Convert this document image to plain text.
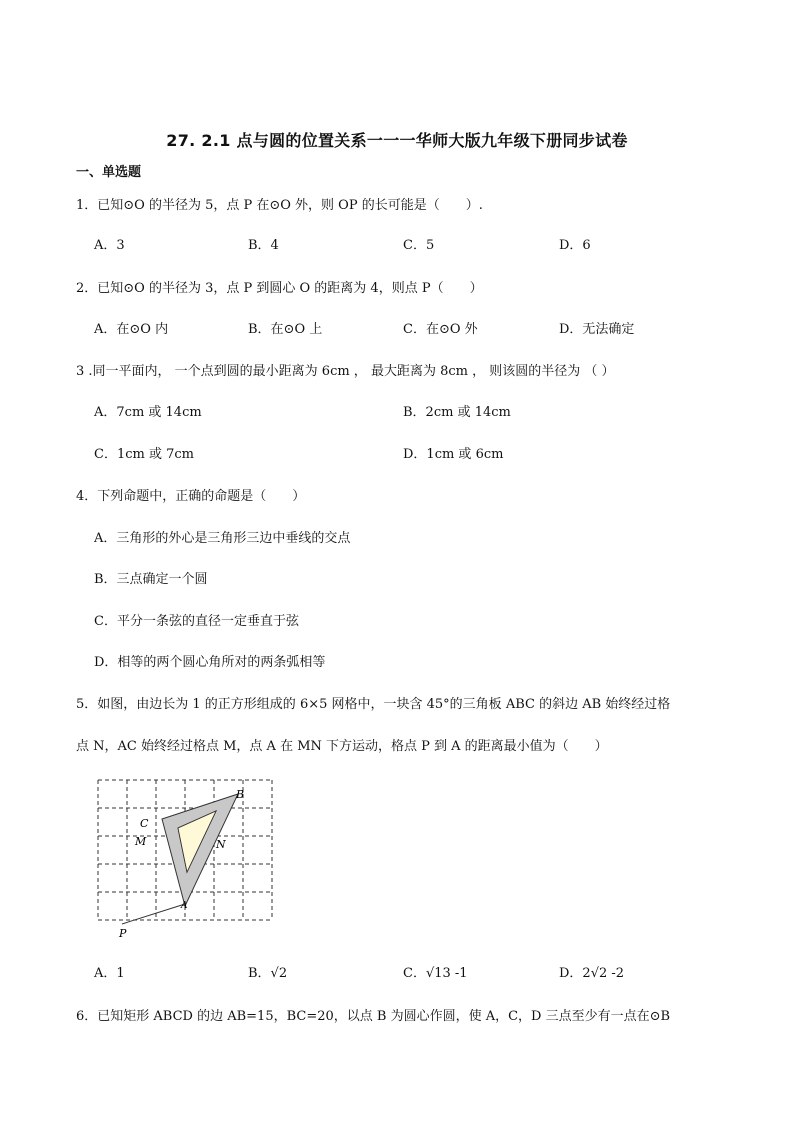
27. 2.1 点与圆的位置关系一一一华师大版九年级下册同步试卷
一、单选题
1．已知⊙O 的半径为 5，点 P 在⊙O 外，则 OP 的长可能是（　　）.
A．3	B．4	C．5	D．6
2．已知⊙O 的半径为 3，点 P 到圆心 O 的距离为 4，则点 P（　　）
A．在⊙O 内	B．在⊙O 上	C．在⊙O 外	D．无法确定
3 .同一平面内， 一个点到圆的最小距离为 6cm ， 最大距离为 8cm ， 则该圆的半径为 （ ）
A．7cm 或 14cm	B．2cm 或 14cm
C．1cm 或 7cm	D．1cm 或 6cm
4．下列命题中，正确的命题是（　　）
A．三角形的外心是三角形三边中垂线的交点
B．三点确定一个圆
C．平分一条弦的直径一定垂直于弦
D．相等的两个圆心角所对的两条弧相等
5．如图，由边长为 1 的正方形组成的 6×5 网格中，一块含 45°的三角板 ABC 的斜边 AB 始终经过格
点 N，AC 始终经过格点 M，点 A 在 MN 下方运动，格点 P 到 A 的距离最小值为（　　）
B
C
M	N
A
P
A．1	B．√2	C．√13 -1	D．2√2 -2
6．已知矩形 ABCD 的边 AB=15，BC=20，以点 B 为圆心作圆，使 A，C，D 三点至少有一点在⊙B
